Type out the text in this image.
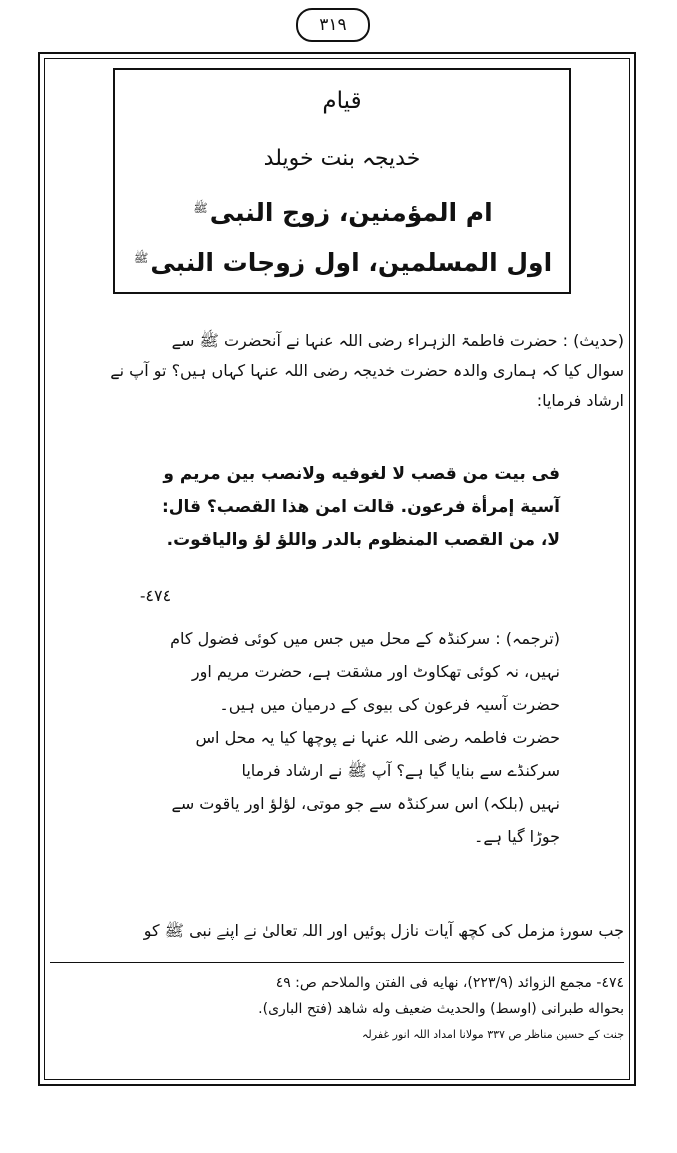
٣١٩
قیام
خدیجہ بنت خویلد
ام المؤمنین، زوج النبی$^ﷺ$
اول المسلمین، اول زوجات النبی$^ﷺ$

(حدیث) : حضرت فاطمۃ الزہراء رضی اللہ عنہا نے آنحضرت ﷺ سے

سوال کیا کہ ہماری والدہ حضرت خدیجہ رضی اللہ عنہا کہاں ہیں؟ تو آپ نے

ارشاد فرمایا:

فی بیت من قصب لا لغوفیه ولانصب بین مریم و

آسیة إمرأة فرعون. قالت امن هذا القصب؟ قال:

لا، من القصب المنظوم بالدر واللؤ لؤ والیاقوت.

٤٧٤-

(ترجمہ) : سرکنڈہ کے محل میں جس میں کوئی فضول کام

نہیں، نہ کوئی تھکاوٹ اور مشقت ہے، حضرت مریم اور

حضرت آسیہ فرعون کی بیوی کے درمیان میں ہیں۔

حضرت فاطمہ رضی اللہ عنہا نے پوچھا کیا یہ محل اس

سرکنڈے سے بنایا گیا ہے؟ آپ ﷺ نے ارشاد فرمایا

نہیں (بلکہ) اس سرکنڈہ سے جو موتی، لؤلؤ اور یاقوت سے

جوڑا گیا ہے۔

جب سورۂ مزمل کی کچھ آیات نازل ہوئیں اور اللہ تعالیٰ نے اپنے نبی ﷺ کو

٤٧٤- مجمع الزوائد (٢٢٣/٩)، نهایه فی الفتن والملاحم ص: ٤٩

بحواله طبرانی (اوسط) والحدیث ضعیف وله شاهد (فتح الباری).

جنت کے حسین مناظر ص ٣٣٧ مولانا امداد اللہ انور غفرلہ
